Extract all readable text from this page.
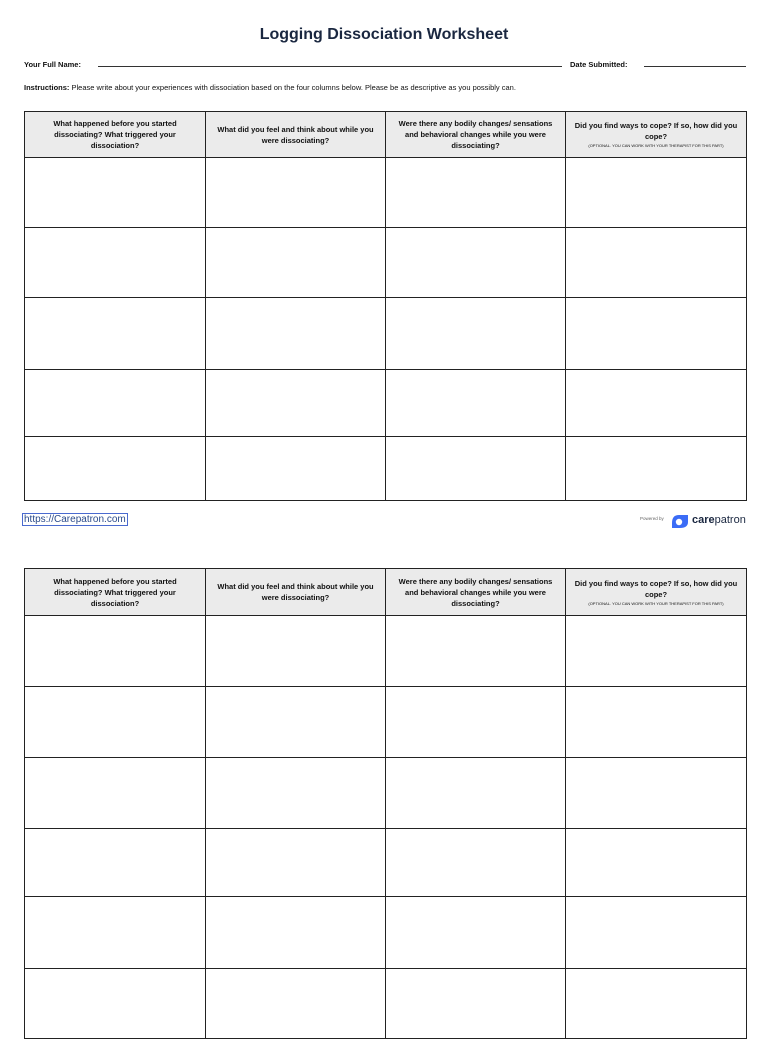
Logging Dissociation Worksheet
Your Full Name:	Date Submitted:
Instructions: Please write about your experiences with dissociation based on the four columns below. Please be as descriptive as you possibly can.
What happened before you started dissociating? What triggered your dissociation?	What did you feel and think about while you were dissociating?	Were there any bodily changes/ sensations and behavioral changes while you were dissociating?	Did you find ways to cope? If so, how did you cope?
(OPTIONAL. YOU CAN WORK WITH YOUR THERAPIST FOR THIS PART)

https://Carepatron.com	Powered by	carepatron
What happened before you started dissociating? What triggered your dissociation?	What did you feel and think about while you were dissociating?	Were there any bodily changes/ sensations and behavioral changes while you were dissociating?	Did you find ways to cope? If so, how did you cope?
(OPTIONAL. YOU CAN WORK WITH YOUR THERAPIST FOR THIS PART)
